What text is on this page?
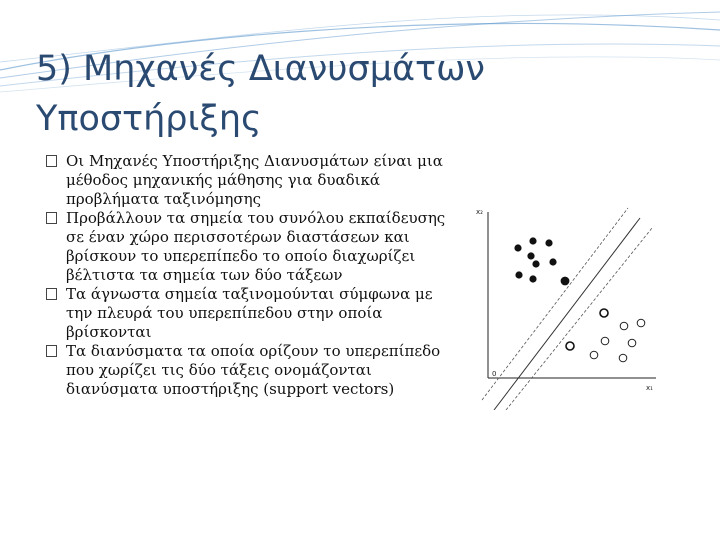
5) Μηχανές Διανυσμάτων Υποστήριξης
Οι Μηχανές Υποστήριξης Διανυσμάτων είναι μια μέθοδος μηχανικής μάθησης για δυαδικά προβλήματα ταξινόμησης
Προβάλλουν τα σημεία του συνόλου εκπαίδευσης σε έναν χώρο περισσοτέρων διαστάσεων και βρίσκουν το υπερεπίπεδο το οποίο διαχωρίζει βέλτιστα τα σημεία των δύο τάξεων
Τα άγνωστα σημεία ταξινομούνται σύμφωνα με την πλευρά του υπερεπίπεδου στην οποία βρίσκονται
Τα διανύσματα τα οποία ορίζουν το υπερεπίπεδο που χωρίζει τις δύο τάξεις ονομάζονται διανύσματα υποστήριξης (support vectors)
x₂
x₁
0
